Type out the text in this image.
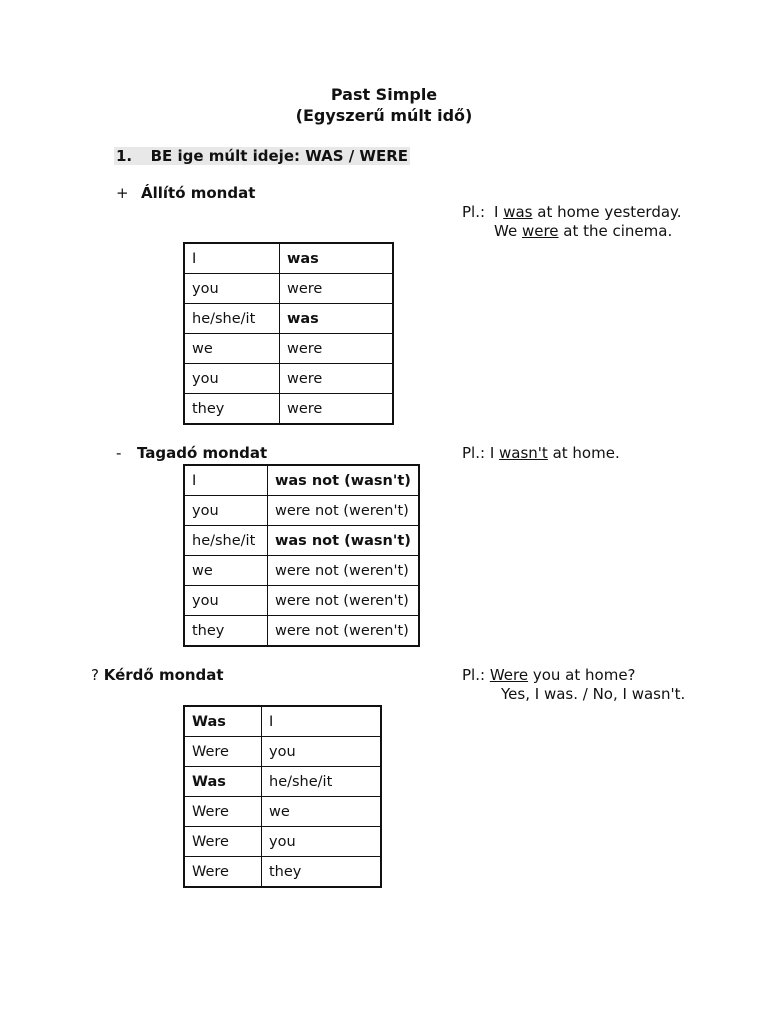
Past Simple
(Egyszerű múlt idő)
1. BE ige múlt ideje: WAS / WERE
+ Állító mondat
Pl.: I was at home yesterday.
We were at the cinema.
I	was
you	were
he/she/it	was
we	were
you	were
they	were
- Tagadó mondat	Pl.: I wasn't at home.
I	was not (wasn't)
you	were not (weren't)
he/she/it	was not (wasn't)
we	were not (weren't)
you	were not (weren't)
they	were not (weren't)
? Kérdő mondat	Pl.: Were you at home?
Yes, I was. / No, I wasn't.
Was	I
Were	you
Was	he/she/it
Were	we
Were	you
Were	they
